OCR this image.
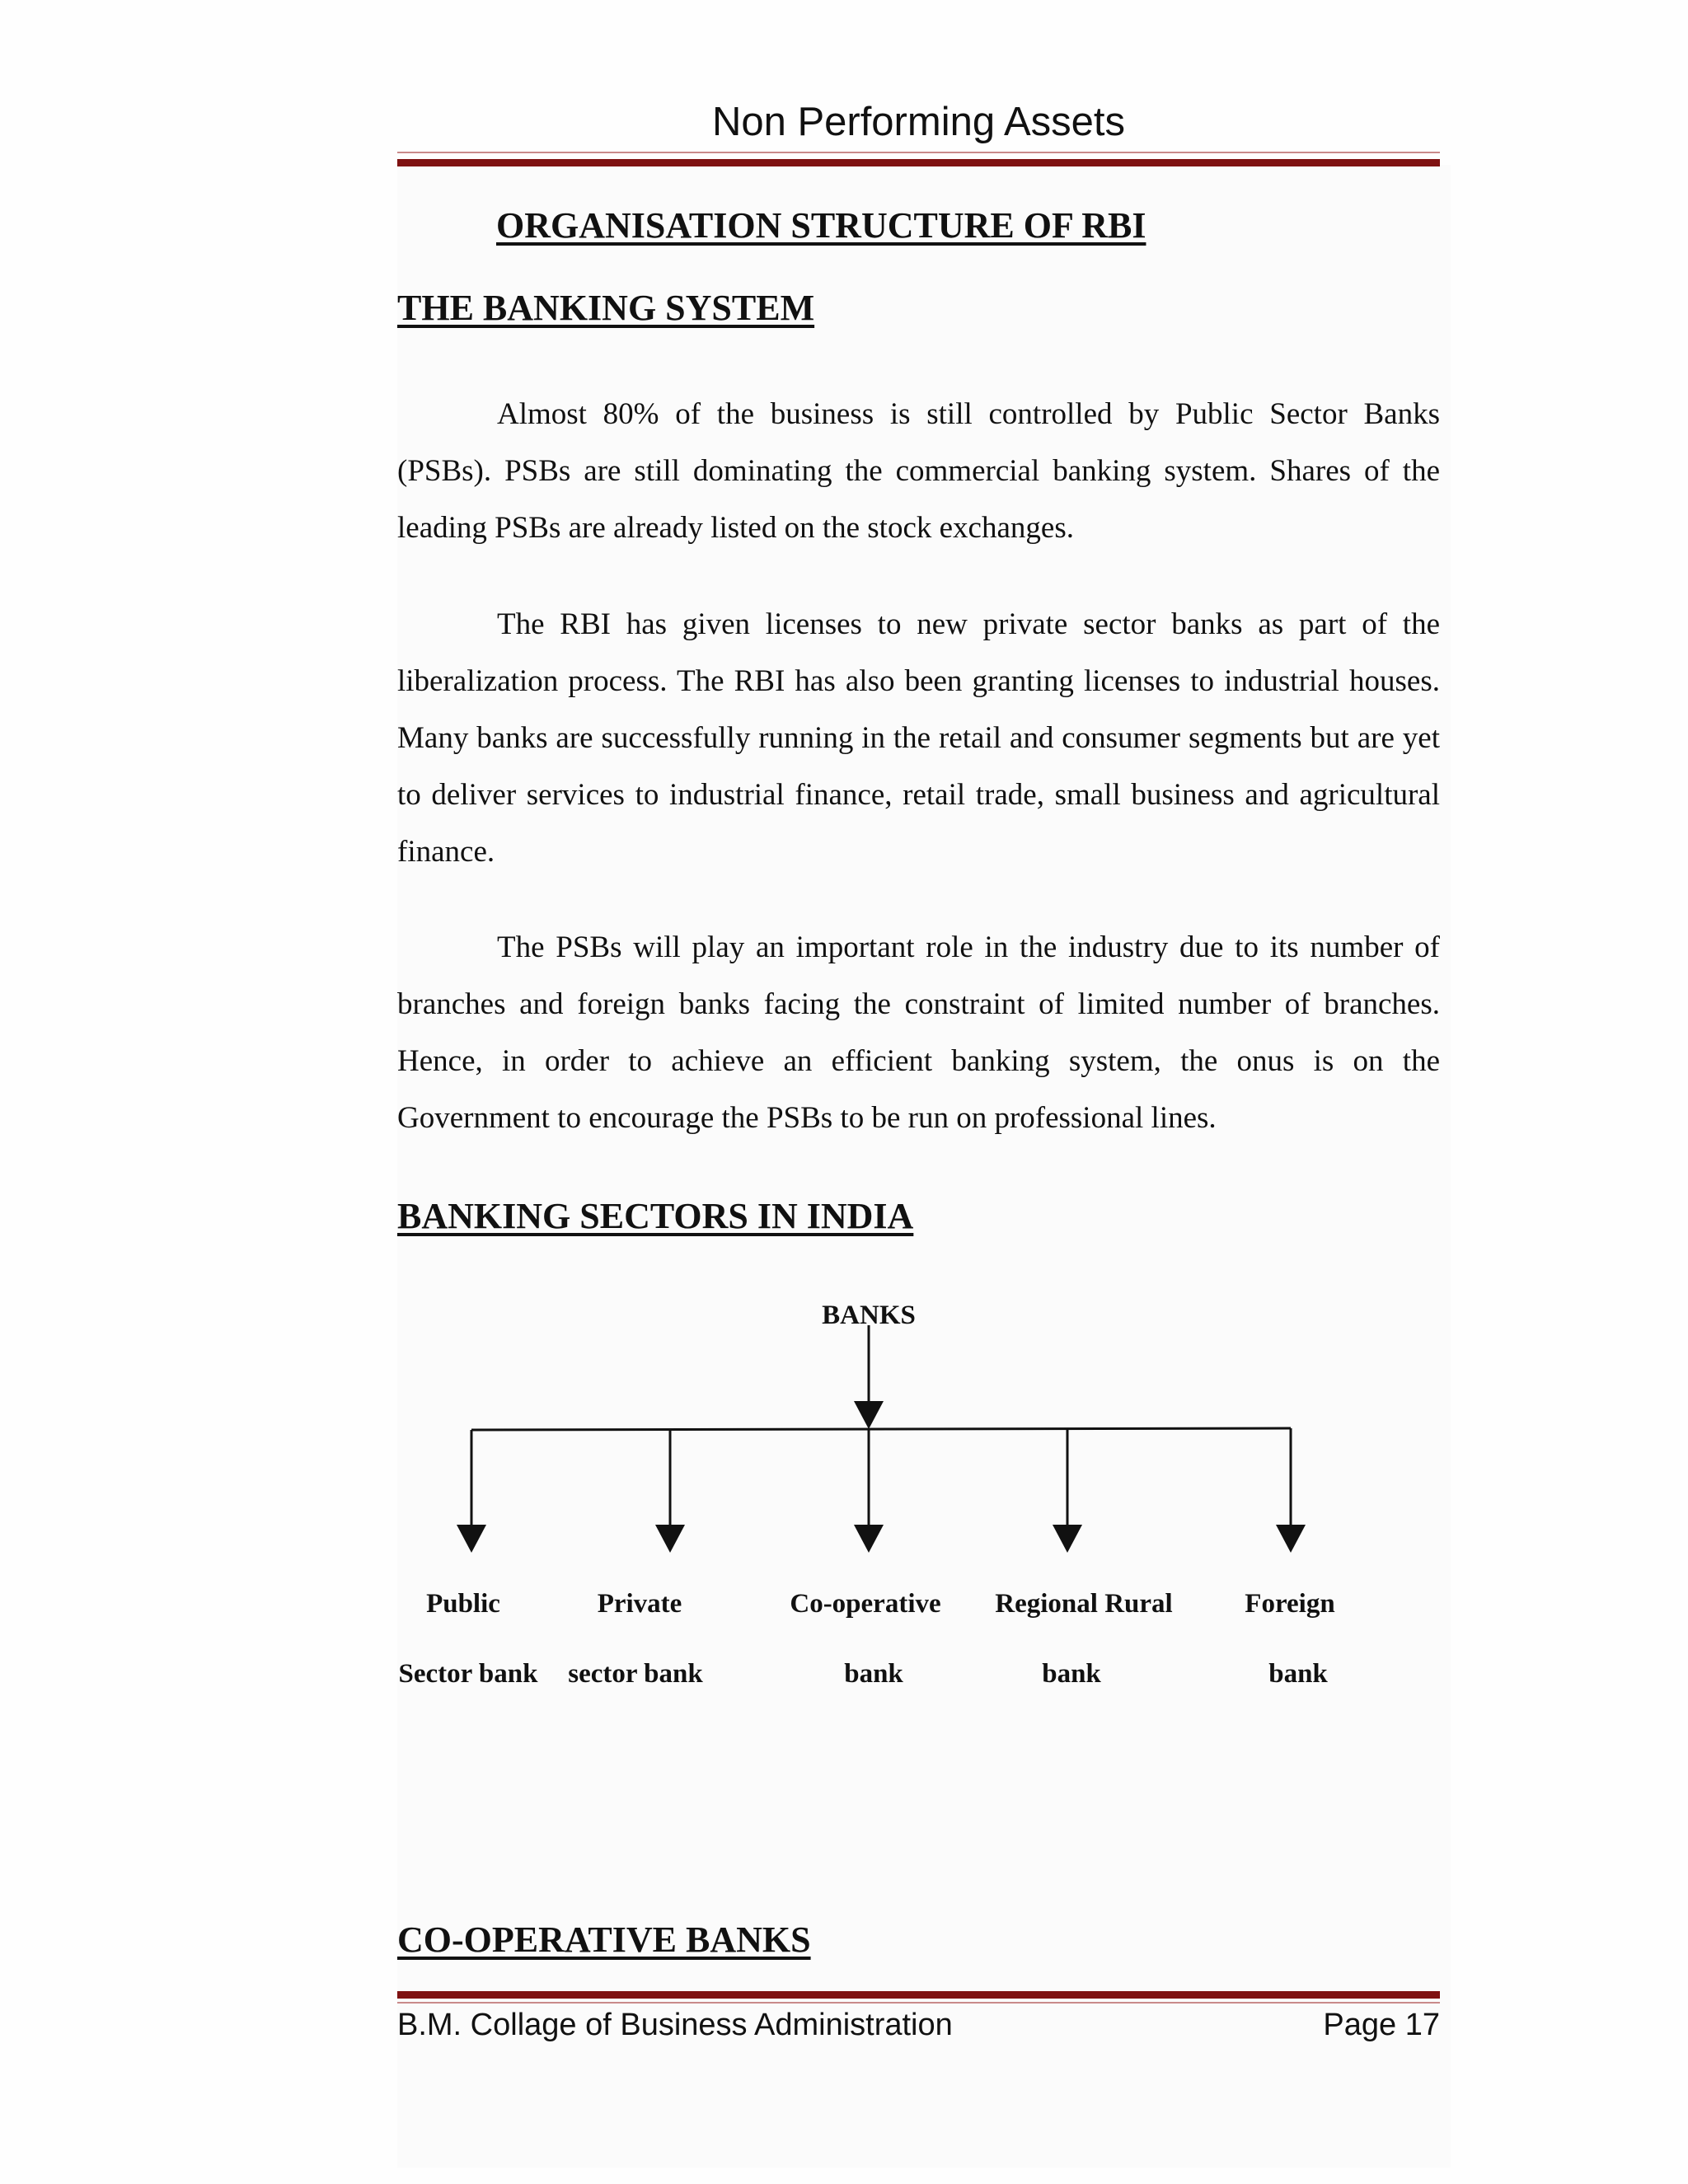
Non Performing Assets
ORGANISATION STRUCTURE OF RBI
THE BANKING SYSTEM

Almost 80% of the business is still controlled by Public Sector Banks (PSBs). PSBs are still dominating the commercial banking system. Shares of the leading PSBs are already listed on the stock exchanges.

The RBI has given licenses to new private sector banks as part of the liberalization process. The RBI has also been granting licenses to industrial houses. Many banks are successfully running in the retail and consumer segments but are yet to deliver services to industrial finance, retail trade, small business and agricultural finance.

The PSBs will play an important role in the industry due to its number of branches and foreign banks facing the constraint of limited number of branches. Hence, in order to achieve an efficient banking system, the onus is on the Government to encourage the PSBs to be run on professional lines.

BANKING SECTORS IN INDIA
BANKS
Public
Sector bank
Private
sector bank
Co-operative
bank
Regional Rural
bank
Foreign
bank
CO-OPERATIVE BANKS
B.M. Collage of Business Administration	Page 17
